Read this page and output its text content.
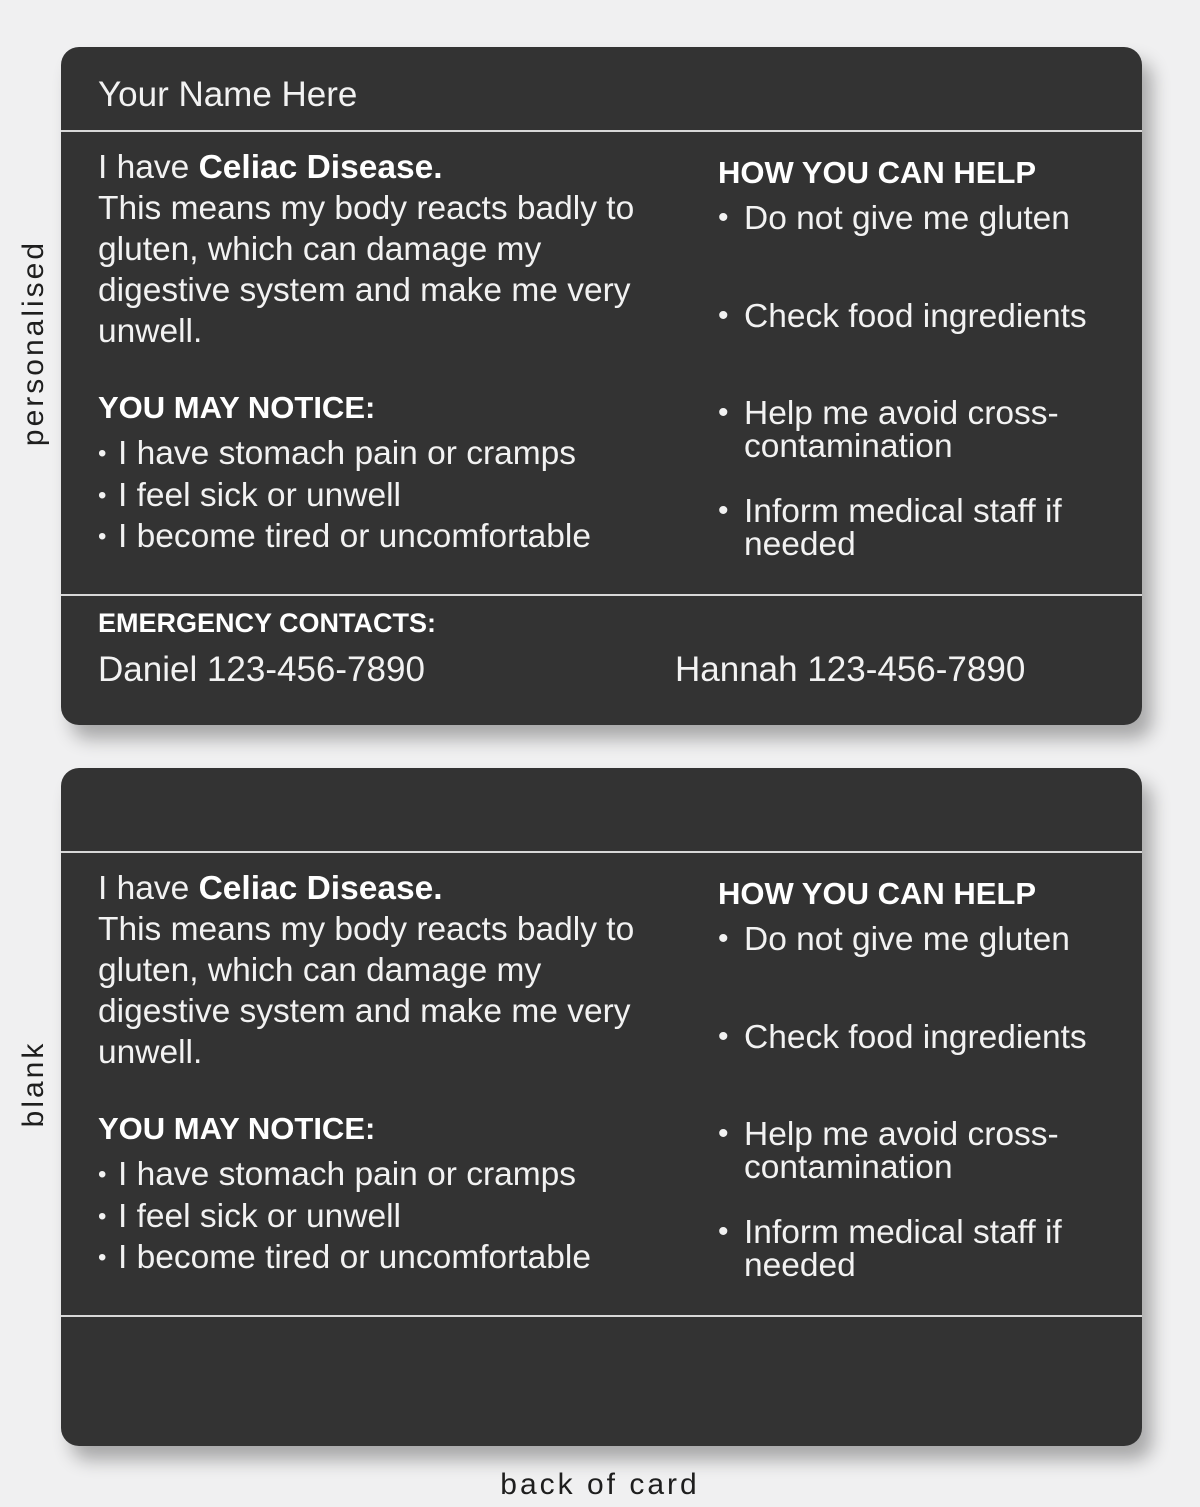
personalised
blank
Your Name Here
I have Celiac Disease.
This means my body reacts badly to gluten, which can damage my digestive system and make me very unwell.
YOU MAY NOTICE:
• I have stomach pain or cramps
• I feel sick or unwell
• I become tired or uncomfortable
HOW YOU CAN HELP
• Do not give me gluten
• Check food ingredients
• Help me avoid cross-contamination
• Inform medical staff if needed
EMERGENCY CONTACTS:
Daniel 123-456-7890	Hannah 123-456-7890
I have Celiac Disease.
This means my body reacts badly to gluten, which can damage my digestive system and make me very unwell.
YOU MAY NOTICE:
• I have stomach pain or cramps
• I feel sick or unwell
• I become tired or uncomfortable
HOW YOU CAN HELP
• Do not give me gluten
• Check food ingredients
• Help me avoid cross-contamination
• Inform medical staff if needed
back of card
